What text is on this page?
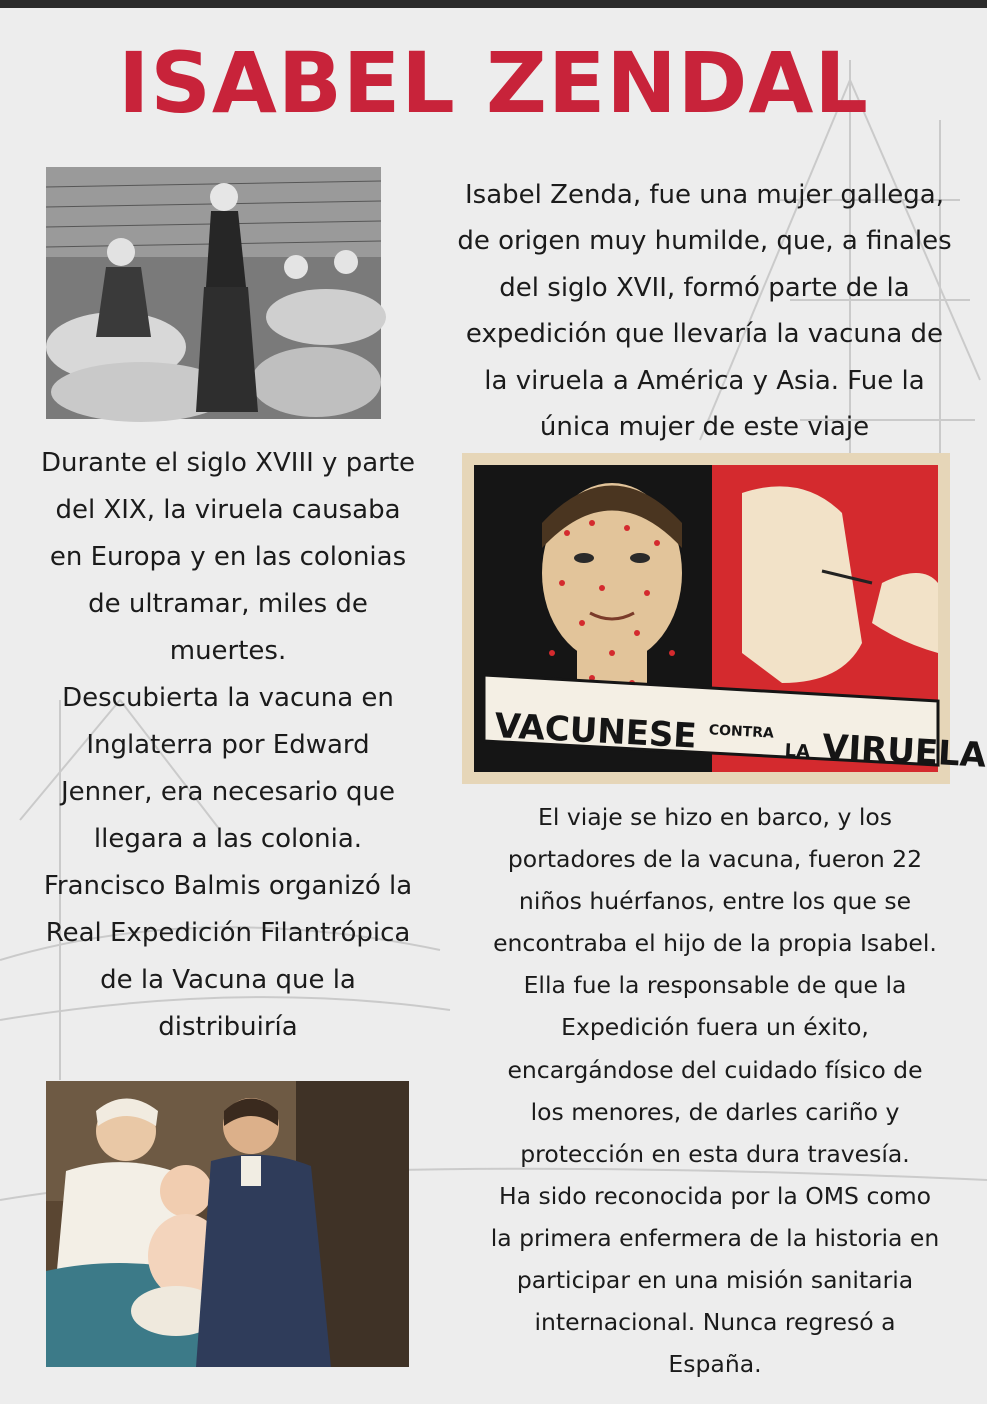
ISABEL ZENDAL
Isabel Zenda, fue una mujer gallega,
de origen muy humilde, que, a finales
del siglo XVII, formó parte de la
expedición que llevaría la vacuna de
la viruela a América y Asia. Fue la
única mujer de este viaje
Durante el siglo XVIII y parte
del XIX, la viruela causaba
en Europa y en las colonias
de ultramar, miles de
muertes.
Descubierta la vacuna en
Inglaterra por Edward
Jenner, era necesario que
llegara a las colonia.
Francisco Balmis organizó la
Real Expedición Filantrópica
de la Vacuna que la
distribuiría
VACUNESE $^{CONTRA}$ $_{LA}$ VIRUELA
El viaje se hizo en barco, y los
portadores de la vacuna, fueron 22
niños huérfanos, entre los que se
encontraba el hijo de la propia Isabel.
Ella fue la responsable de que la
Expedición fuera un éxito,
encargándose del cuidado físico de
los menores, de darles cariño y
protección en esta dura travesía.
Ha sido reconocida por la OMS como
la primera enfermera de la historia en
participar en una misión sanitaria
internacional. Nunca regresó a
España.
